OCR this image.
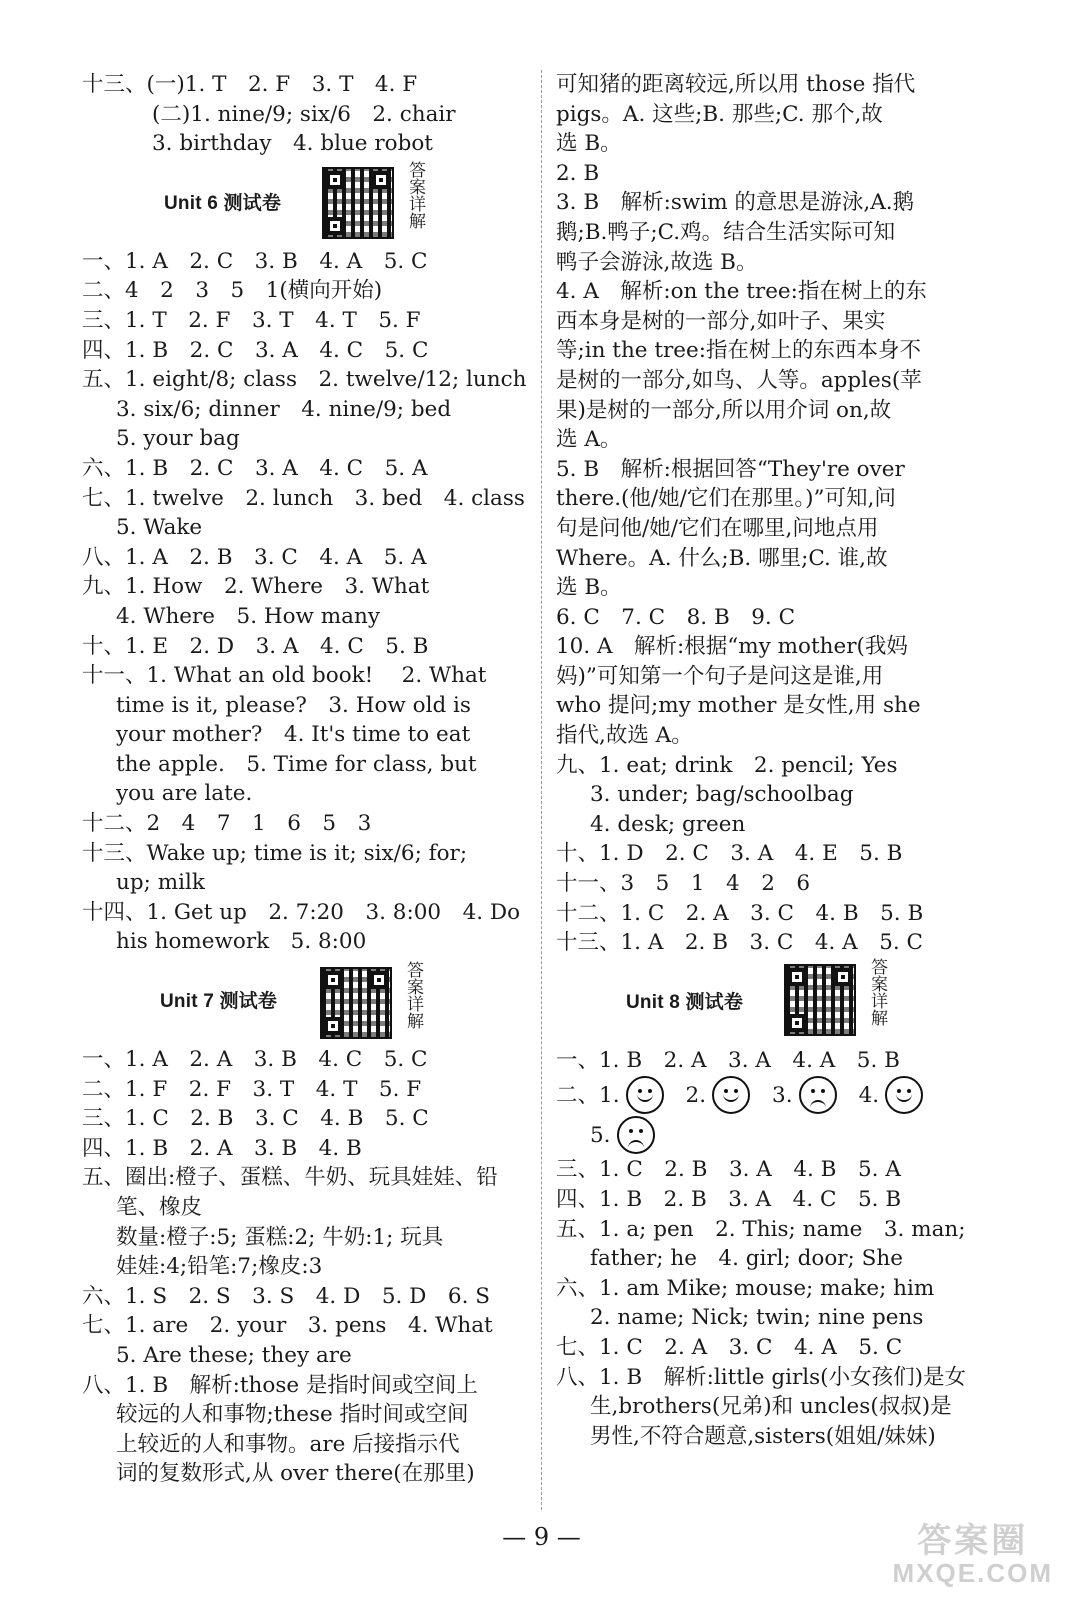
十三、(一)1. T　2. F　3. T　4. F
(二)1. nine/9; six/6　2. chair
3. birthday　4. blue robot
Unit 6 测试卷	答案详解
一、1. A　2. C　3. B　4. A　5. C
二、4　2　3　5　1(横向开始)
三、1. T　2. F　3. T　4. T　5. F
四、1. B　2. C　3. A　4. C　5. C
五、1. eight/8; class　2. twelve/12; lunch
3. six/6; dinner　4. nine/9; bed
5. your bag
六、1. B　2. C　3. A　4. C　5. A
七、1. twelve　2. lunch　3. bed　4. class
5. Wake
八、1. A　2. B　3. C　4. A　5. A
九、1. How　2. Where　3. What
4. Where　5. How many
十、1. E　2. D　3. A　4. C　5. B
十一、1. What an old book!　 2. What
time is it, please?　3. How old is
your mother?　4. It's time to eat
the apple.　5. Time for class, but
you are late.
十二、2　4　7　1　6　5　3
十三、Wake up; time is it; six/6; for;
up; milk
十四、1. Get up　2. 7:20　3. 8:00　4. Do
his homework　5. 8:00
Unit 7 测试卷	答案详解
一、1. A　2. A　3. B　4. C　5. C
二、1. F　2. F　3. T　4. T　5. F
三、1. C　2. B　3. C　4. B　5. C
四、1. B　2. A　3. B　4. B
五、圈出:橙子、蛋糕、牛奶、玩具娃娃、铅
笔、橡皮
数量:橙子:5; 蛋糕:2; 牛奶:1; 玩具
娃娃:4;铅笔:7;橡皮:3
六、1. S　2. S　3. S　4. D　5. D　6. S
七、1. are　2. your　3. pens　4. What
5. Are these; they are
八、1. B　解析:those 是指时间或空间上
较远的人和事物;these 指时间或空间
上较近的人和事物。are 后接指示代
词的复数形式,从 over there(在那里)
可知猪的距离较远,所以用 those 指代
pigs。A. 这些;B. 那些;C. 那个,故
选 B。
2. B
3. B　解析:swim 的意思是游泳,A.鹅
鹅;B.鸭子;C.鸡。结合生活实际可知
鸭子会游泳,故选 B。
4. A　解析:on the tree:指在树上的东
西本身是树的一部分,如叶子、果实
等;in the tree:指在树上的东西本身不
是树的一部分,如鸟、人等。apples(苹
果)是树的一部分,所以用介词 on,故
选 A。
5. B　解析:根据回答“They're over
there.(他/她/它们在那里。)”可知,问
句是问他/她/它们在哪里,问地点用
Where。A. 什么;B. 哪里;C. 谁,故
选 B。
6. C　7. C　8. B　9. C
10. A　解析:根据“my mother(我妈
妈)”可知第一个句子是问这是谁,用
who 提问;my mother 是女性,用 she
指代,故选 A。
九、1. eat; drink　2. pencil; Yes
3. under; bag/schoolbag
4. desk; green
十、1. D　2. C　3. A　4. E　5. B
十一、3　5　1　4　2　6
十二、1. C　2. A　3. C　4. B　5. B
十三、1. A　2. B　3. C　4. A　5. C
Unit 8 测试卷	答案详解
一、1. B　2. A　3. A　4. A　5. B
二、 1.	2.	3.	4.
5.
三、1. C　2. B　3. A　4. B　5. A
四、1. B　2. B　3. A　4. C　5. B
五、1. a; pen　2. This; name　3. man;
father; he　4. girl; door; She
六、1. am Mike; mouse; make; him
2. name; Nick; twin; nine pens
七、1. C　2. A　3. C　4. A　5. C
八、1. B　解析:little girls(小女孩们)是女
生,brothers(兄弟)和 uncles(叔叔)是
男性,不符合题意,sisters(姐姐/妹妹)
— 9 —	答案圈
MXQE.COM
